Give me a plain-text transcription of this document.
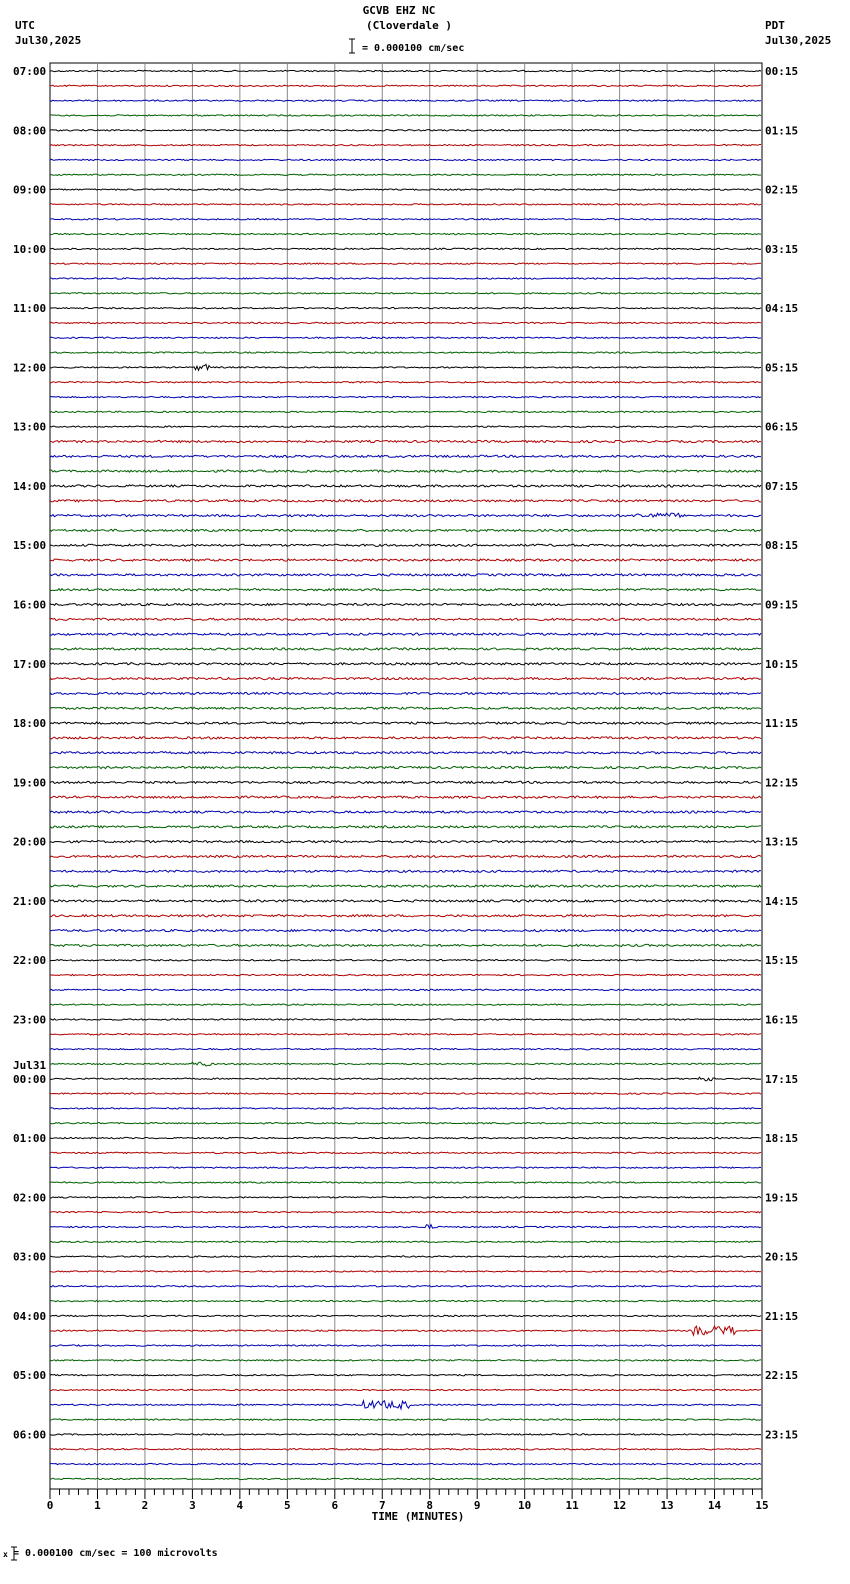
GCVB EHZ NC
(Cloverdale )
UTC
Jul30,2025
PDT
Jul30,2025
= 0.000100 cm/sec
= 0.000100 cm/sec = 100 microvolts
x
07:00	00:15
08:00	01:15
09:00	02:15
10:00	03:15
11:00	04:15
12:00	05:15
13:00	06:15
14:00	07:15
15:00	08:15
16:00	09:15
17:00	10:15
18:00	11:15
19:00	12:15
20:00	13:15
21:00	14:15
22:00	15:15
23:00	16:15
00:00	17:15
Jul31
01:00	18:15
02:00	19:15
03:00	20:15
04:00	21:15
05:00	22:15
06:00	23:15
0	1	2	3	4	5	6	7	8	9	10	11	12	13	14	15
TIME (MINUTES)
